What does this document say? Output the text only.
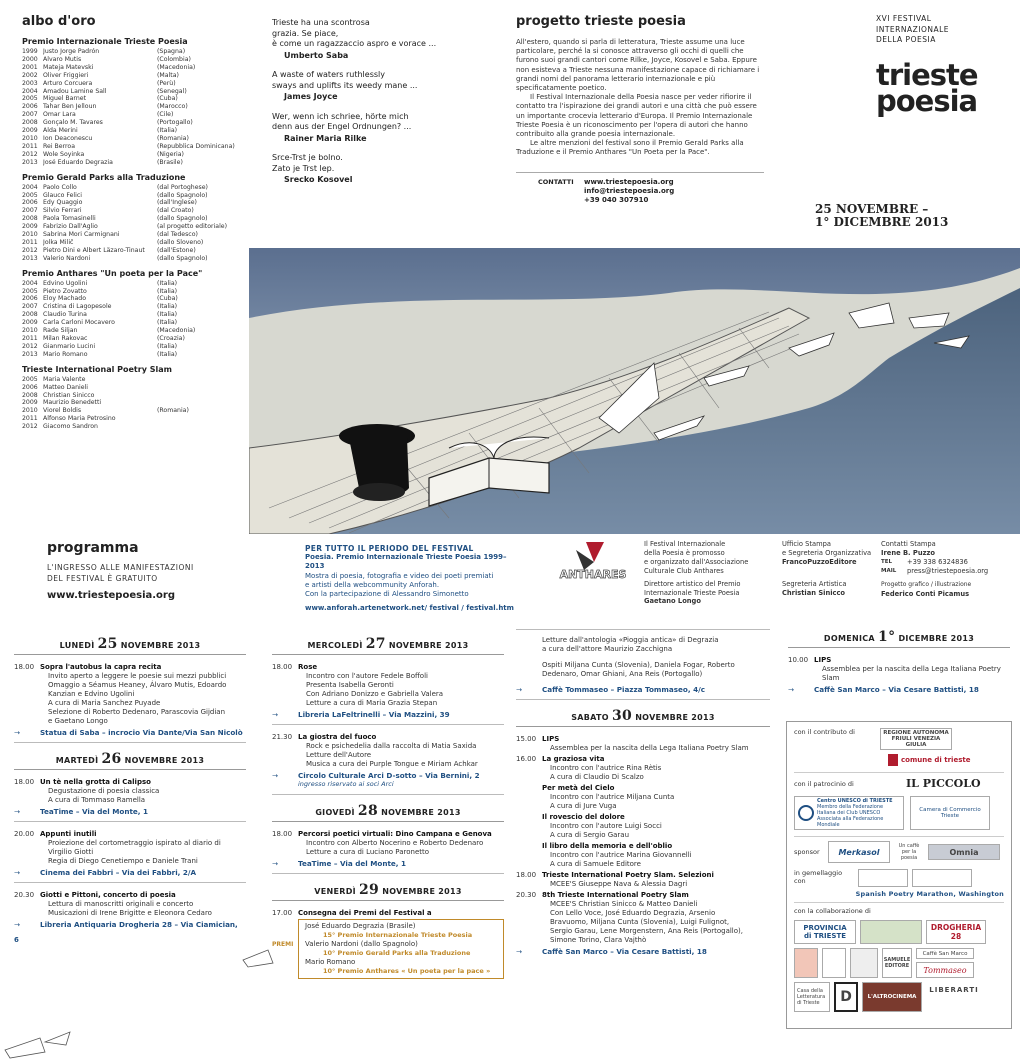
albo d'oro
Premio Internazionale Trieste Poesia
1999 Justo Jorge Padrón	(Spagna)
2000 Alvaro Mutis	(Colombia)
2001 Mateja Matevski	(Macedonia)
2002 Oliver Friggieri	(Malta)
2003 Arturo Corcuera	(Perù)
2004 Amadou Lamine Sall	(Senegal)
2005 Miguel Barnet	(Cuba)
2006 Tahar Ben Jelloun	(Marocco)
2007 Omar Lara	(Cile)
2008 Gonçalo M. Tavares	(Portogallo)
2009 Alda Merini	(Italia)
2010 Ion Deaconescu	(Romania)
2011 Rei Berroa	(Repubblica Dominicana)
2012 Wole Soyinka	(Nigeria)
2013 José Eduardo Degrazia	(Brasile)
Premio Gerald Parks alla Traduzione
2004 Paolo Collo	(dal Portoghese)
2005 Glauco Felici	(dallo Spagnolo)
2006 Edy Quaggio	(dall'Inglese)
2007 Silvio Ferrari	(dal Croato)
2008 Paola Tomasinelli	(dallo Spagnolo)
2009 Fabrizio Dall'Aglio	(al progetto editoriale)
2010 Sabrina Mori Carmignani	(dal Tedesco)
2011 Jolka Milič	(dallo Sloveno)
2012 Pietro Dini e Albert Läzaro-Tinaut	(dall'Estone)
2013 Valerio Nardoni	(dallo Spagnolo)
Premio Anthares "Un poeta per la Pace"
2004 Edvino Ugolini	(Italia)
2005 Pietro Zovatto	(Italia)
2006 Eloy Machado	(Cuba)
2007 Cristina di Lagopesole	(Italia)
2008 Claudio Turina	(Italia)
2009 Carla Carloni Mocavero	(Italia)
2010 Rade Siljan	(Macedonia)
2011 Milan Rakovac	(Croazia)
2012 Gianmario Lucini	(Italia)
2013 Mario Romano	(Italia)
Trieste International Poetry Slam
2005 Maria Valente
2006 Matteo Danieli
2008 Christian Sinicco
2009 Maurizio Benedetti
2010 Viorel Boldis	(Romania)
2011 Alfonso Maria Petrosino
2012 Giacomo Sandron
Trieste ha una scontrosa
grazia. Se piace,
è come un ragazzaccio aspro e vorace ...
Umberto Saba
A waste of waters ruthlessly
sways and uplifts its weedy mane ...
James Joyce
Wer, wenn ich schriee, hörte mich
denn aus der Engel Ordnungen? ...
Rainer Maria Rilke
Srce-Trst je bolno.
Zato je Trst lep.
Srecko Kosovel
progetto trieste poesia

All'estero, quando si parla di letteratura, Trieste assume una luce particolare, perché la si conosce attraverso gli occhi di quelli che furono suoi grandi cantori come Rilke, Joyce, Kosovel e Saba. Eppure non esisteva a Trieste nessuna manifestazione capace di richiamare i grandi nomi del panorama letterario internazionale e più specificatamente poetico.

Il Festival Internazionale della Poesia nasce per veder rifiorire il contatto tra l'ispirazione dei grandi autori e una città che può essere un importante crocevia letterario d'Europa. Il Premio Internazionale Trieste Poesia è un riconoscimento per l'opera di autori che hanno contribuito alla grande poesia internazionale.

Le altre menzioni del festival sono il Premio Gerald Parks alla Traduzione e il Premio Anthares "Un Poeta per la Pace".

CONTATTI	www.triestepoesia.org
info@triestepoesia.org
+39 040 307910
XVI FESTIVAL
INTERNAZIONALE
DELLA POESIA
trieste
poesia
25 NOVEMBRE –
1° DICEMBRE 2013
programma
L'INGRESSO ALLE MANIFESTAZIONI
DEL FESTIVAL È GRATUITO
www.triestepoesia.org
PER TUTTO IL PERIODO DEL FESTIVAL
Poesia. Premio Internazionale Trieste Poesia 1999–2013
Mostra di poesia, fotografia e video dei poeti premiati
e artisti della webcommunity Anforah.
Con la partecipazione di Alessandro Simonetto
www.anforah.artenetwork.net/ festival / festival.htm
ANTHARES
Il Festival Internazionale
della Poesia è promosso
e organizzato dall'Associazione
Culturale Club Anthares
Direttore artistico del Premio
Internazionale Trieste Poesia
Gaetano Longo
Ufficio Stampa
e Segreteria Organizzativa
FrancoPuzzoEditore
Segreteria Artistica
Christian Sinicco
Contatti Stampa
Irene B. Puzzo
TEL	+39 338 6324836
MAIL	press@triestepoesia.org
Progetto grafico / illustrazione
Federico Conti Picamus
LUNEDÌ 25 NOVEMBRE 2013
18.00 Sopra l'autobus la capra recita
Invito aperto a leggere le poesie sui mezzi pubblici
Omaggio a Séamus Heaney, Álvaro Mutis, Edoardo
Kanzian e Edvino Ugolini
A cura di Maria Sanchez Puyade
Selezione di Roberto Dedenaro, Parascovia Gijdian
e Gaetano Longo
→	Statua di Saba – incrocio Via Dante/Via San Nicolò
MARTEDÌ 26 NOVEMBRE 2013
18.00 Un tè nella grotta di Calipso
Degustazione di poesia classica
A cura di Tommaso Ramella
→	TeaTime – Via del Monte, 1
20.00 Appunti inutili
Proiezione del cortometraggio ispirato al diario di
Virgilio Giotti
Regia di Diego Cenetiempo e Daniele Trani
→	Cinema dei Fabbri – Via dei Fabbri, 2/A
20.30 Giotti e Pittoni, concerto di poesia
Lettura di manoscritti originali e concerto
Musicazioni di Irene Brigitte e Eleonora Cedaro
→	Libreria Antiquaria Drogheria 28 – Via Ciamician,
6
MERCOLEDÌ 27 NOVEMBRE 2013
18.00 Rose
Incontro con l'autore Fedele Boffoli
Presenta Isabella Geronti
Con Adriano Donizzo e Gabriella Valera
Letture a cura di Maria Grazia Stepan
→	Libreria LaFeltrinelli – Via Mazzini, 39
21.30 La giostra del fuoco
Rock e psichedelia dalla raccolta di Matia Saxida
Letture dell'Autore
Musica a cura dei Purple Tongue e Miriam Achkar
→	Circolo Culturale Arci D-sotto – Via Bernini, 2
ingresso riservato ai soci Arci
GIOVEDÌ 28 NOVEMBRE 2013
18.00 Percorsi poetici virtuali: Dino Campana e Genova
Incontro con Alberto Nocerino e Roberto Dedenaro
Letture a cura di Luciano Paronetto
→	TeaTime – Via del Monte, 1
VENERDÌ 29 NOVEMBRE 2013
17.00
PREMI
Consegna dei Premi del Festival a
José Eduardo Degrazia (Brasile)
15° Premio Internazionale Trieste Poesia
Valerio Nardoni (dallo Spagnolo)
10° Premio Gerald Parks alla Traduzione
Mario Romano
10° Premio Anthares « Un poeta per la pace »
Letture dall'antologia «Pioggia antica» di Degrazia
a cura dell'attore Maurizio Zacchigna
Ospiti Miljana Cunta (Slovenia), Daniela Fogar, Roberto
Dedenaro, Omar Ghiani, Ana Reis (Portogallo)
→	Caffè Tommaseo – Piazza Tommaseo, 4/c
SABATO 30 NOVEMBRE 2013
15.00 LIPS
Assemblea per la nascita della Lega Italiana Poetry Slam
16.00 La graziosa vita
Incontro con l'autrice Rina Rètis
A cura di Claudio Di Scalzo
Per metà del Cielo
Incontro con l'autrice Miljana Cunta
A cura di Jure Vuga
Il rovescio del dolore
Incontro con l'autore Luigi Socci
A cura di Sergio Garau
Il libro della memoria e dell'oblio
Incontro con l'autrice Marina Giovannelli
A cura di Samuele Editore
18.00 Trieste International Poetry Slam. Selezioni
MCEE'S Giuseppe Nava & Alessia Dagri
20.30 8th Trieste International Poetry Slam
MCEE'S Christian Sinicco & Matteo Danieli
Con Lello Voce, José Eduardo Degrazia, Arsenio
Bravuomo, Miljana Cunta (Slovenia), Luigi Fulignot,
Sergio Garau, Lene Morgenstern, Ana Reis (Portogallo),
Simone Torino, Clara Vajthò
→	Caffè San Marco – Via Cesare Battisti, 18
DOMENICA 1° DICEMBRE 2013
10.00 LIPS
Assemblea per la nascita della Lega Italiana Poetry Slam
→	Caffè San Marco – Via Cesare Battisti, 18
con il contributo di	REGIONE AUTONOMA
FRIULI VENEZIA GIULIA
comune di trieste
con il patrocinio di	IL PICCOLO
Centro UNESCO di TRIESTE
Membro della Federazione
Italiana dei Club UNESCO
Associata alla Federazione
Mondiale
Camera di Commercio
Trieste
sponsor	Merkasol
Un caffè
per la
poesia
Omnia
in gemellaggio
con
Spanish Poetry Marathon, Washington
con la collaborazione di
PROVINCIA
di TRIESTE
DROGHERIA 28
SAMUELE
EDITORE
Caffè San Marco
Tommaseo
Casa della
Letteratura
di Trieste	D	L'ALTROCINEMA
LIBERARTI
